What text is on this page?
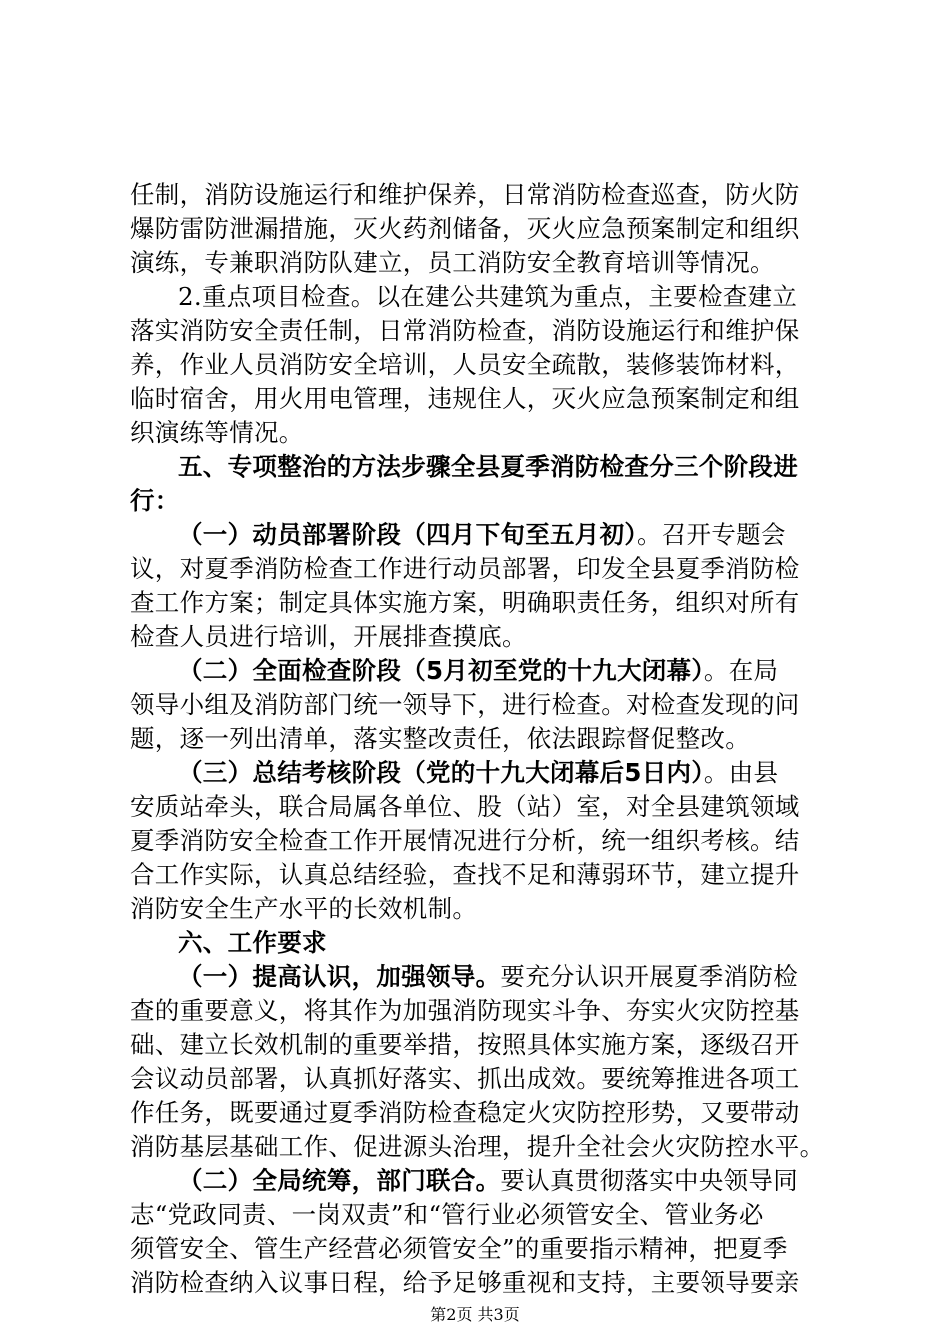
任制，消防设施运行和维护保养，日常消防检查巡查，防火防
爆防雷防泄漏措施，灭火药剂储备，灭火应急预案制定和组织
演练，专兼职消防队建立，员工消防安全教育培训等情况。
2.重点项目检查。以在建公共建筑为重点，主要检查建立
落实消防安全责任制，日常消防检查，消防设施运行和维护保
养，作业人员消防安全培训，人员安全疏散，装修装饰材料，
临时宿舍，用火用电管理，违规住人，灭火应急预案制定和组
织演练等情况。
五、专项整治的方法步骤全县夏季消防检查分三个阶段进
行：
（一）动员部署阶段（四月下旬至五月初）。召开专题会
议，对夏季消防检查工作进行动员部署，印发全县夏季消防检
查工作方案；制定具体实施方案，明确职责任务，组织对所有
检查人员进行培训，开展排查摸底。
（二）全面检查阶段（5月初至党的十九大闭幕）。在局
领导小组及消防部门统一领导下，进行检查。对检查发现的问
题，逐一列出清单，落实整改责任，依法跟踪督促整改。
（三）总结考核阶段（党的十九大闭幕后5日内）。由县
安质站牵头，联合局属各单位、股（站）室，对全县建筑领域
夏季消防安全检查工作开展情况进行分析，统一组织考核。结
合工作实际，认真总结经验，查找不足和薄弱环节，建立提升
消防安全生产水平的长效机制。
六、工作要求
（一）提高认识，加强领导。要充分认识开展夏季消防检
查的重要意义，将其作为加强消防现实斗争、夯实火灾防控基
础、建立长效机制的重要举措，按照具体实施方案，逐级召开
会议动员部署，认真抓好落实、抓出成效。要统筹推进各项工
作任务，既要通过夏季消防检查稳定火灾防控形势，又要带动
消防基层基础工作、促进源头治理，提升全社会火灾防控水平。
（二）全局统筹，部门联合。要认真贯彻落实中央领导同
志“党政同责、一岗双责”和“管行业必须管安全、管业务必
须管安全、管生产经营必须管安全”的重要指示精神，把夏季
消防检查纳入议事日程，给予足够重视和支持，主要领导要亲
第2页 共3页
